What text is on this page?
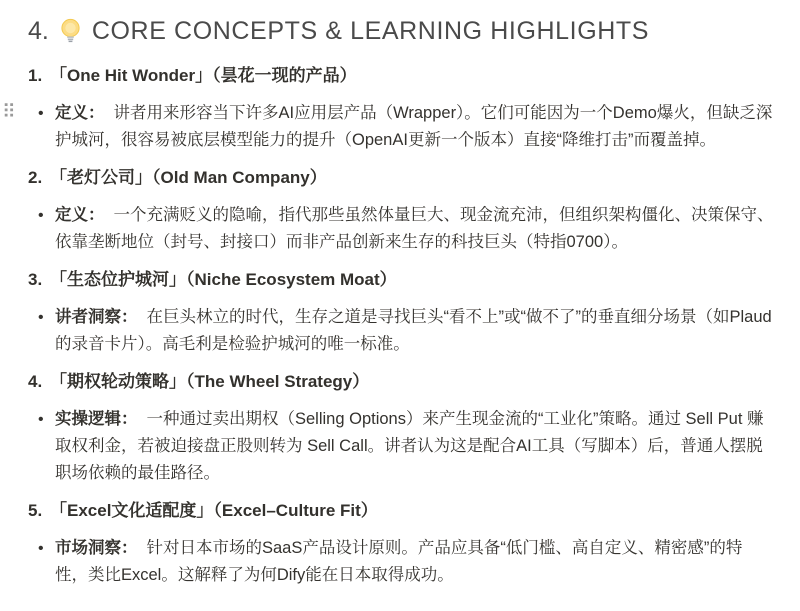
⠿
4. CORE CONCEPTS & LEARNING HIGHLIGHTS
1. 「One Hit Wonder」（昙花一现的产品）
• 定义： 讲者用来形容当下许多AI应用层产品（Wrapper）。它们可能因为一个Demo爆火，但缺乏深护城河，很容易被底层模型能力的提升（OpenAI更新一个版本）直接“降维打击”而覆盖掉。
2. 「老灯公司」（Old Man Company）
• 定义： 一个充满贬义的隐喻，指代那些虽然体量巨大、现金流充沛，但组织架构僵化、决策保守、依靠垄断地位（封号、封接口）而非产品创新来生存的科技巨头（特指0700）。
3. 「生态位护城河」（Niche Ecosystem Moat）
• 讲者洞察： 在巨头林立的时代，生存之道是寻找巨头“看不上”或“做不了”的垂直细分场景（如Plaud的录音卡片）。高毛利是检验护城河的唯一标准。
4. 「期权轮动策略」（The Wheel Strategy）
• 实操逻辑： 一种通过卖出期权（Selling Options）来产生现金流的“工业化”策略。通过 Sell Put 赚取权利金，若被迫接盘正股则转为 Sell Call。讲者认为这是配合AI工具（写脚本）后，普通人摆脱职场依赖的最佳路径。
5. 「Excel文化适配度」（Excel–Culture Fit）
• 市场洞察： 针对日本市场的SaaS产品设计原则。产品应具备“低门槛、高自定义、精密感”的特性，类比Excel。这解释了为何Dify能在日本取得成功。
